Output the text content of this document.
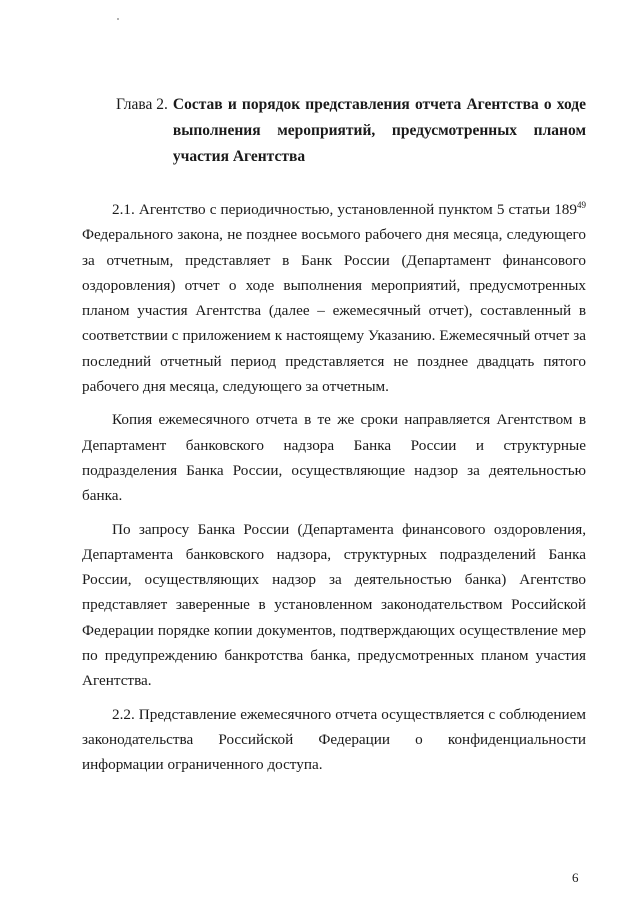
Глава 2. Состав и порядок представления отчета Агентства о ходе выполнения мероприятий, предусмотренных планом участия Агентства

2.1. Агентство с периодичностью, установленной пунктом 5 статьи $189^{49}$ Федерального закона, не позднее восьмого рабочего дня месяца, следующего за отчетным, представляет в Банк России (Департамент финансового оздоровления) отчет о ходе выполнения мероприятий, предусмотренных планом участия Агентства (далее – ежемесячный отчет), составленный в соответствии с приложением к настоящему Указанию. Ежемесячный отчет за последний отчетный период представляется не позднее двадцать пятого рабочего дня месяца, следующего за отчетным.

Копия ежемесячного отчета в те же сроки направляется Агентством в Департамент банковского надзора Банка России и структурные подразделения Банка России, осуществляющие надзор за деятельностью банка.

По запросу Банка России (Департамента финансового оздоровления, Департамента банковского надзора, структурных подразделений Банка России, осуществляющих надзор за деятельностью банка) Агентство представляет заверенные в установленном законодательством Российской Федерации порядке копии документов, подтверждающих осуществление мер по предупреждению банкротства банка, предусмотренных планом участия Агентства.

2.2. Представление ежемесячного отчета осуществляется с соблюдением законодательства Российской Федерации о конфиденциальности информации ограниченного доступа.

6
